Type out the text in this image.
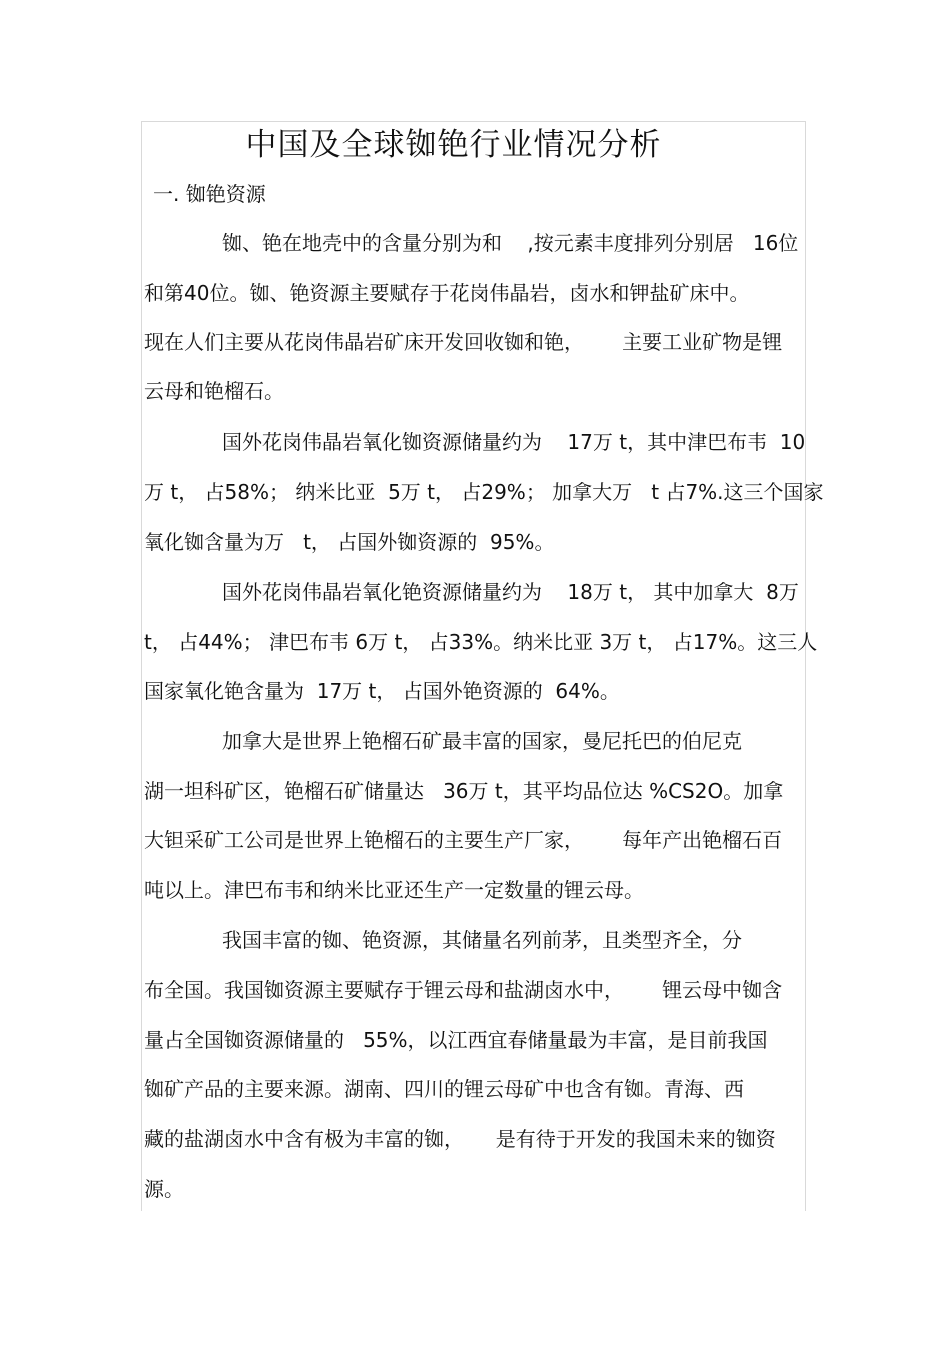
中国及全球铷铯行业情况分析
一. 铷铯资源
铷、铯在地壳中的含量分别为和    ,按元素丰度排列分别居   16位
和第40位。铷、铯资源主要赋存于花岗伟晶岩，卤水和钾盐矿床中。
现在人们主要从花岗伟晶岩矿床开发回收铷和铯，      主要工业矿物是锂
云母和铯榴石。
国外花岗伟晶岩氧化铷资源储量约为    17万 t，其中津巴布韦  10
万 t， 占58%； 纳米比亚  5万 t， 占29%； 加拿大万   t 占7%.这三个国家
氧化铷含量为万   t， 占国外铷资源的  95%。
国外花岗伟晶岩氧化铯资源储量约为    18万 t， 其中加拿大  8万
t， 占44%； 津巴布韦 6万 t， 占33%。纳米比亚 3万 t， 占17%。这三人
国家氧化铯含量为  17万 t， 占国外铯资源的  64%。
加拿大是世界上铯榴石矿最丰富的国家，曼尼托巴的伯尼克
湖一坦科矿区，铯榴石矿储量达   36万 t，其平均品位达 %CS2O。加拿
大钽采矿工公司是世界上铯榴石的主要生产厂家，      每年产出铯榴石百
吨以上。津巴布韦和纳米比亚还生产一定数量的锂云母。
我国丰富的铷、铯资源，其储量名列前茅，且类型齐全，分
布全国。我国铷资源主要赋存于锂云母和盐湖卤水中，      锂云母中铷含
量占全国铷资源储量的   55%，以江西宜春储量最为丰富，是目前我国
铷矿产品的主要来源。湖南、四川的锂云母矿中也含有铷。青海、西
藏的盐湖卤水中含有极为丰富的铷，     是有待于开发的我国未来的铷资
源。
